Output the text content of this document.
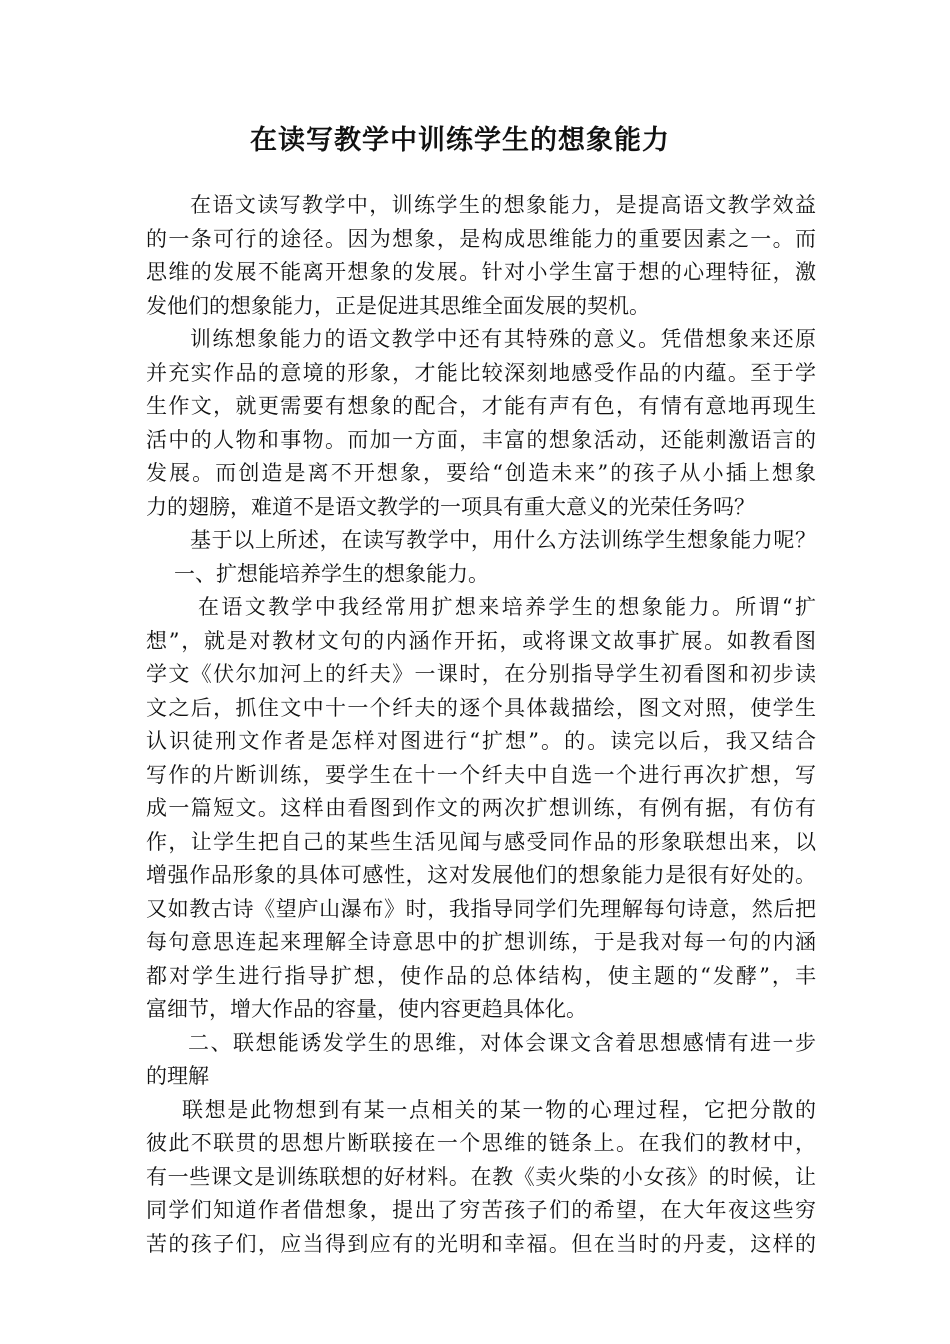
在读写教学中训练学生的想象能力
在语文读写教学中，训练学生的想象能力，是提高语文教学效益
的一条可行的途径。因为想象，是构成思维能力的重要因素之一。而
思维的发展不能离开想象的发展。针对小学生富于想的心理特征，激
发他们的想象能力，正是促进其思维全面发展的契机。
训练想象能力的语文教学中还有其特殊的意义。凭借想象来还原
并充实作品的意境的形象，才能比较深刻地感受作品的内蕴。至于学
生作文，就更需要有想象的配合，才能有声有色，有情有意地再现生
活中的人物和事物。而加一方面，丰富的想象活动，还能刺激语言的
发展。而创造是离不开想象，要给“创造未来”的孩子从小插上想象
力的翅膀，难道不是语文教学的一项具有重大意义的光荣任务吗？
基于以上所述，在读写教学中，用什么方法训练学生想象能力呢？
一、扩想能培养学生的想象能力。
在语文教学中我经常用扩想来培养学生的想象能力。所谓“扩
想”，就是对教材文句的内涵作开拓，或将课文故事扩展。如教看图
学文《伏尔加河上的纤夫》一课时，在分别指导学生初看图和初步读
文之后，抓住文中十一个纤夫的逐个具体裁描绘，图文对照，使学生
认识徒刑文作者是怎样对图进行“扩想”。的。读完以后，我又结合
写作的片断训练，要学生在十一个纤夫中自选一个进行再次扩想，写
成一篇短文。这样由看图到作文的两次扩想训练，有例有据，有仿有
作，让学生把自己的某些生活见闻与感受同作品的形象联想出来，以
增强作品形象的具体可感性，这对发展他们的想象能力是很有好处的。
又如教古诗《望庐山瀑布》时，我指导同学们先理解每句诗意，然后把
每句意思连起来理解全诗意思中的扩想训练，于是我对每一句的内涵
都对学生进行指导扩想，使作品的总体结构，使主题的“发酵”，丰
富细节，增大作品的容量，使内容更趋具体化。
二、联想能诱发学生的思维，对体会课文含着思想感情有进一步
的理解
联想是此物想到有某一点相关的某一物的心理过程，它把分散的
彼此不联贯的思想片断联接在一个思维的链条上。在我们的教材中，
有一些课文是训练联想的好材料。在教《卖火柴的小女孩》的时候，让
同学们知道作者借想象，提出了穷苦孩子们的希望，在大年夜这些穷
苦的孩子们，应当得到应有的光明和幸福。但在当时的丹麦，这样的
